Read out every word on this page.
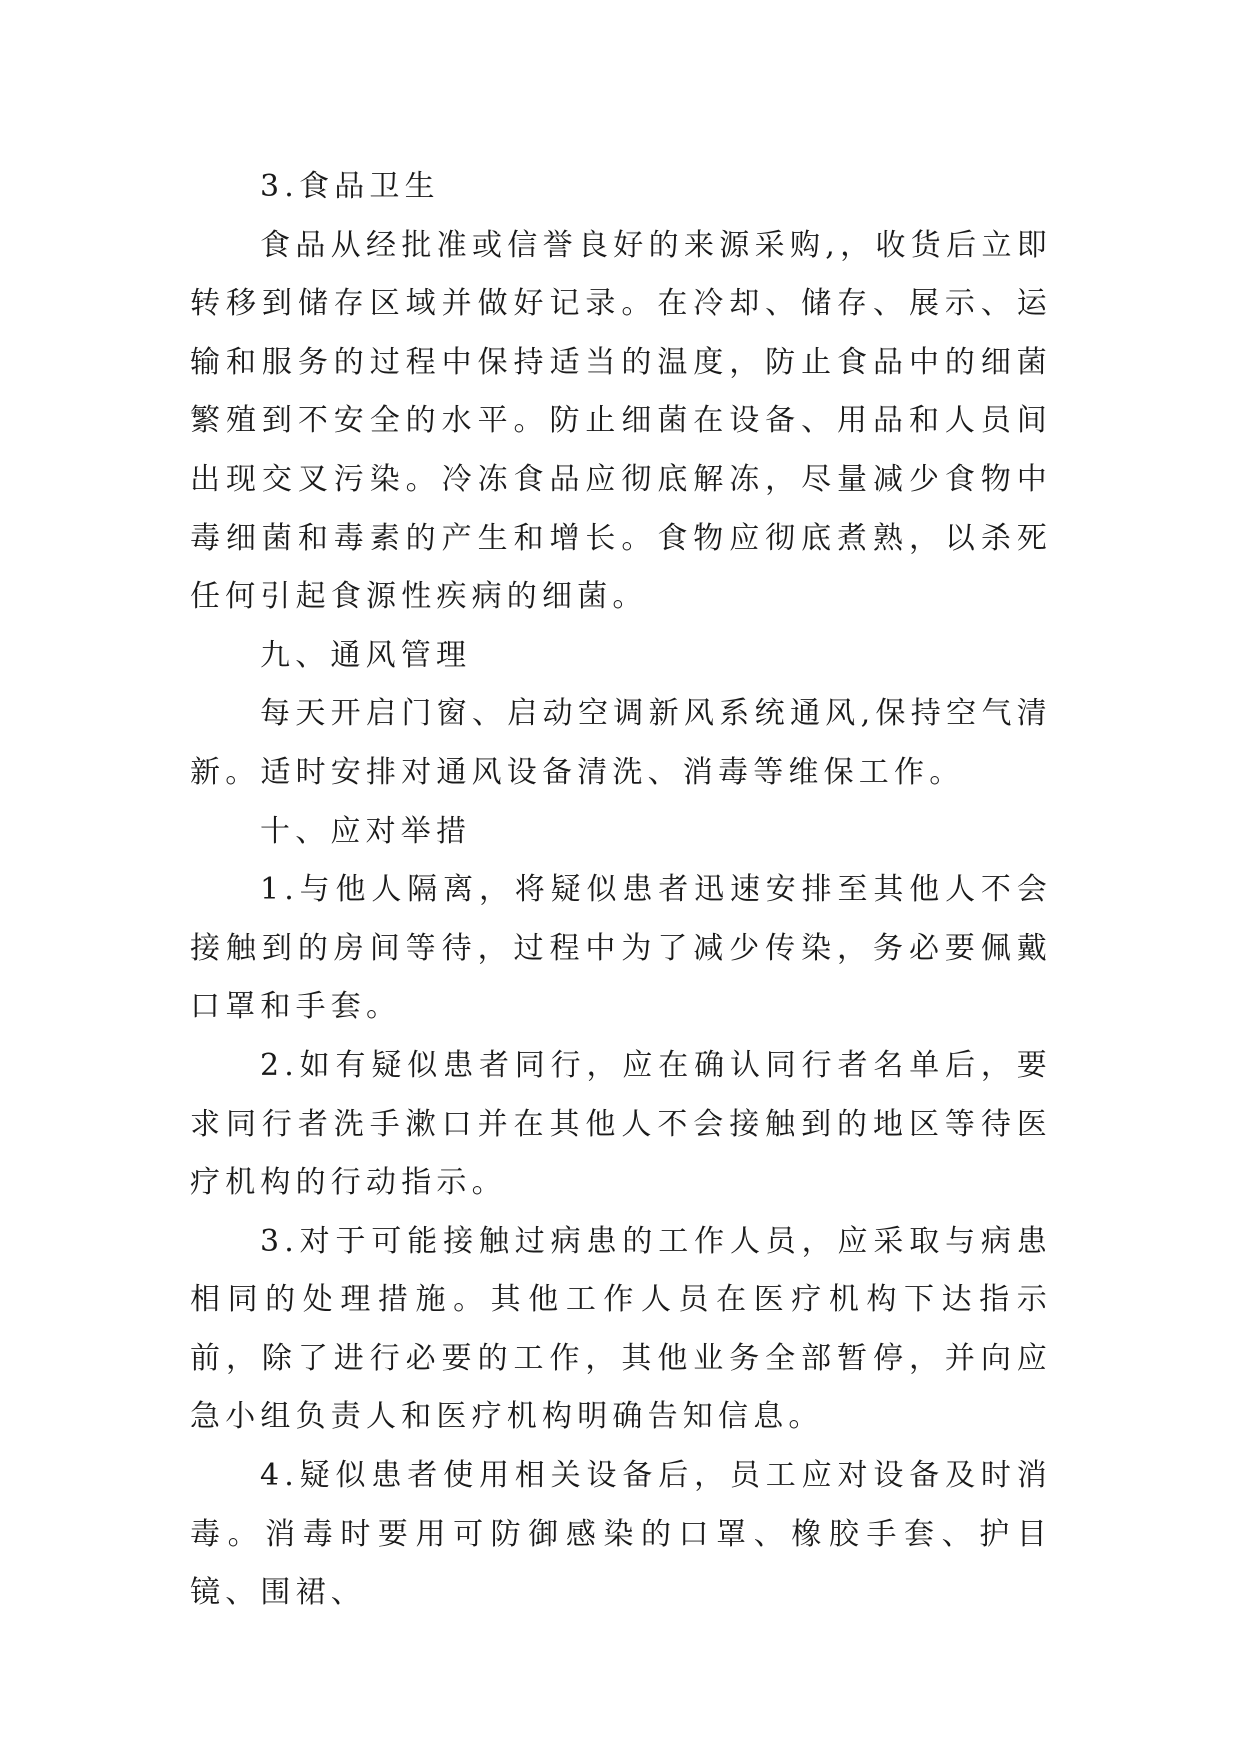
3.食品卫生

食品从经批准或信誉良好的来源采购,，收货后立即转移到储存区域并做好记录。在冷却、储存、展示、运输和服务的过程中保持适当的温度，防止食品中的细菌繁殖到不安全的水平。防止细菌在设备、用品和人员间出现交叉污染。冷冻食品应彻底解冻，尽量减少食物中毒细菌和毒素的产生和增长。食物应彻底煮熟，以杀死任何引起食源性疾病的细菌。

九、通风管理

每天开启门窗、启动空调新风系统通风,保持空气清新。适时安排对通风设备清洗、消毒等维保工作。

十、应对举措

1.与他人隔离，将疑似患者迅速安排至其他人不会接触到的房间等待，过程中为了减少传染，务必要佩戴口罩和手套。

2.如有疑似患者同行，应在确认同行者名单后，要求同行者洗手漱口并在其他人不会接触到的地区等待医疗机构的行动指示。

3.对于可能接触过病患的工作人员，应采取与病患相同的处理措施。其他工作人员在医疗机构下达指示前，除了进行必要的工作，其他业务全部暂停，并向应急小组负责人和医疗机构明确告知信息。

4.疑似患者使用相关设备后，员工应对设备及时消毒。消毒时要用可防御感染的口罩、橡胶手套、护目镜、围裙、
